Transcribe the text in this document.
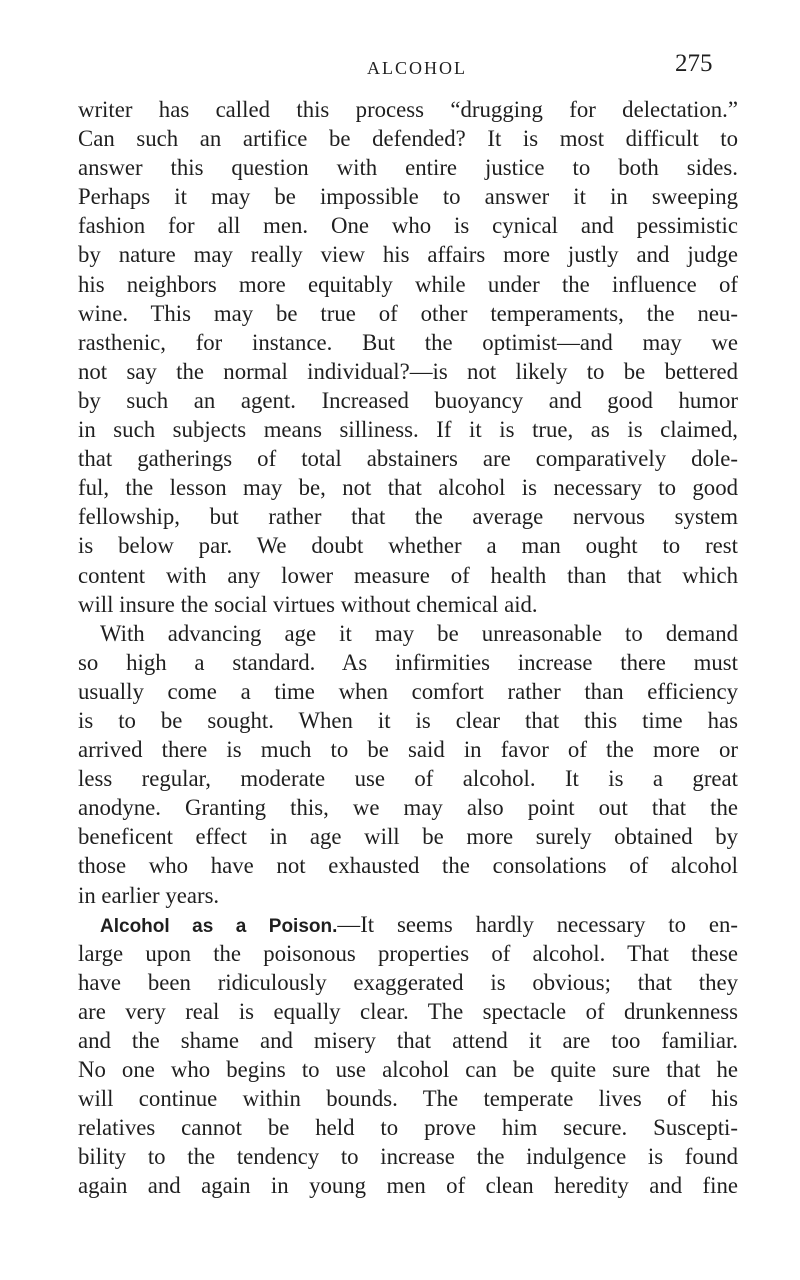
ALCOHOL	275
writer has called this process “drugging for delectation.”
Can such an artifice be defended? It is most difficult to
answer this question with entire justice to both sides.
Perhaps it may be impossible to answer it in sweeping
fashion for all men. One who is cynical and pessimistic
by nature may really view his affairs more justly and judge
his neighbors more equitably while under the influence of
wine. This may be true of other temperaments, the neu-
rasthenic, for instance. But the optimist—and may we
not say the normal individual?—is not likely to be bettered
by such an agent. Increased buoyancy and good humor
in such subjects means silliness. If it is true, as is claimed,
that gatherings of total abstainers are comparatively dole-
ful, the lesson may be, not that alcohol is necessary to good
fellowship, but rather that the average nervous system
is below par. We doubt whether a man ought to rest
content with any lower measure of health than that which
will insure the social virtues without chemical aid.
With advancing age it may be unreasonable to demand
so high a standard. As infirmities increase there must
usually come a time when comfort rather than efficiency
is to be sought. When it is clear that this time has
arrived there is much to be said in favor of the more or
less regular, moderate use of alcohol. It is a great
anodyne. Granting this, we may also point out that the
beneficent effect in age will be more surely obtained by
those who have not exhausted the consolations of alcohol
in earlier years.
Alcohol as a Poison.—It seems hardly necessary to en-
large upon the poisonous properties of alcohol. That these
have been ridiculously exaggerated is obvious; that they
are very real is equally clear. The spectacle of drunkenness
and the shame and misery that attend it are too familiar.
No one who begins to use alcohol can be quite sure that he
will continue within bounds. The temperate lives of his
relatives cannot be held to prove him secure. Suscepti-
bility to the tendency to increase the indulgence is found
again and again in young men of clean heredity and fine
